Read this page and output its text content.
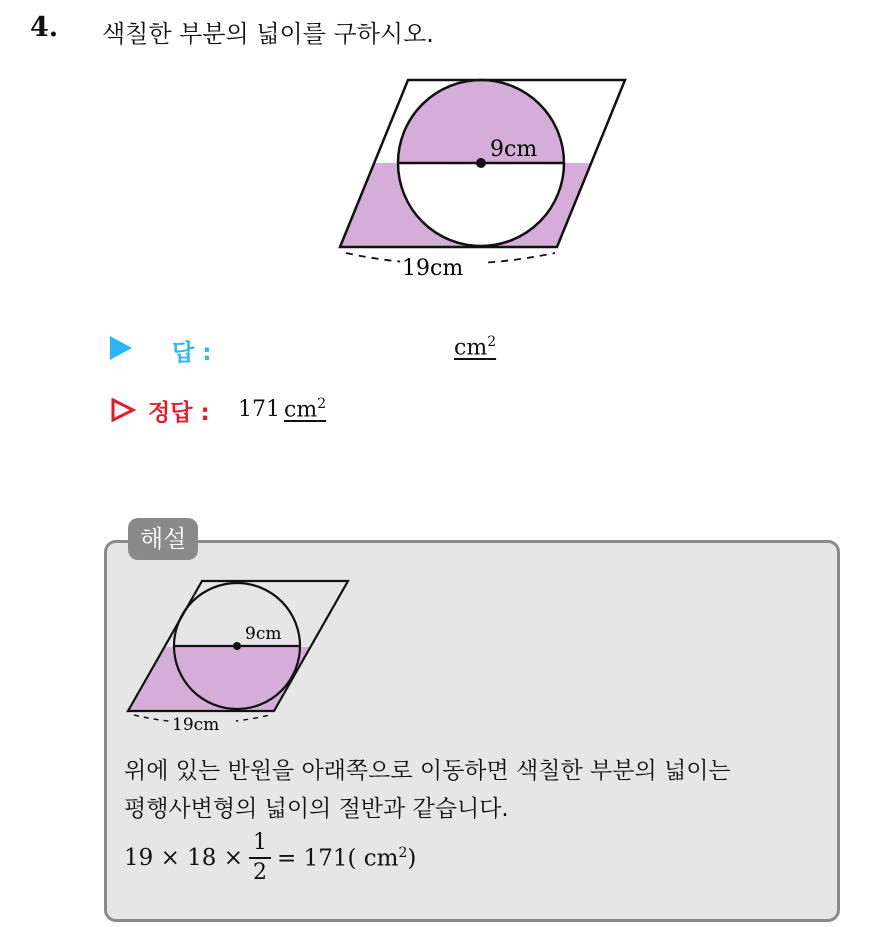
4. 색칠한 부분의 넓이를 구하시오.
9cm
19cm
답 :	$cm^2$
정답 : 171 $cm^2$
해설
9cm
19cm
위에 있는 반원을 아래쪽으로 이동하면 색칠한 부분의 넓이는
평행사변형의 넓이의 절반과 같습니다.
$19 \times 18 \times \frac{1}{2} = 171$( $cm^2$)
